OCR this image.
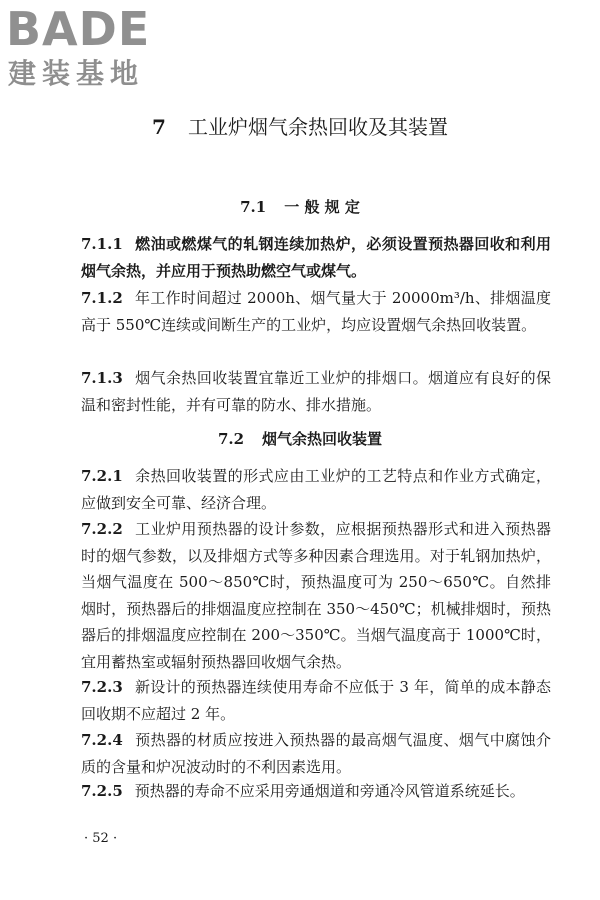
BADE
建装基地
7 工业炉烟气余热回收及其装置
7.1 一 般 规 定
7.1.1 燃油或燃煤气的轧钢连续加热炉，必须设置预热器回收和利用烟气余热，并应用于预热助燃空气或煤气。
7.1.2 年工作时间超过 2000h、烟气量大于 20000m³/h、排烟温度高于 550℃连续或间断生产的工业炉，均应设置烟气余热回收装置。
7.1.3 烟气余热回收装置宜靠近工业炉的排烟口。烟道应有良好的保温和密封性能，并有可靠的防水、排水措施。
7.2 烟气余热回收装置
7.2.1 余热回收装置的形式应由工业炉的工艺特点和作业方式确定，应做到安全可靠、经济合理。
7.2.2 工业炉用预热器的设计参数，应根据预热器形式和进入预热器时的烟气参数，以及排烟方式等多种因素合理选用。对于轧钢加热炉，当烟气温度在 500～850℃时，预热温度可为 250～650℃。自然排烟时，预热器后的排烟温度应控制在 350～450℃；机械排烟时，预热器后的排烟温度应控制在 200～350℃。当烟气温度高于 1000℃时，宜用蓄热室或辐射预热器回收烟气余热。
7.2.3 新设计的预热器连续使用寿命不应低于 3 年，简单的成本静态回收期不应超过 2 年。
7.2.4 预热器的材质应按进入预热器的最高烟气温度、烟气中腐蚀介质的含量和炉况波动时的不利因素选用。
7.2.5 预热器的寿命不应采用旁通烟道和旁通冷风管道系统延长。
· 52 ·
